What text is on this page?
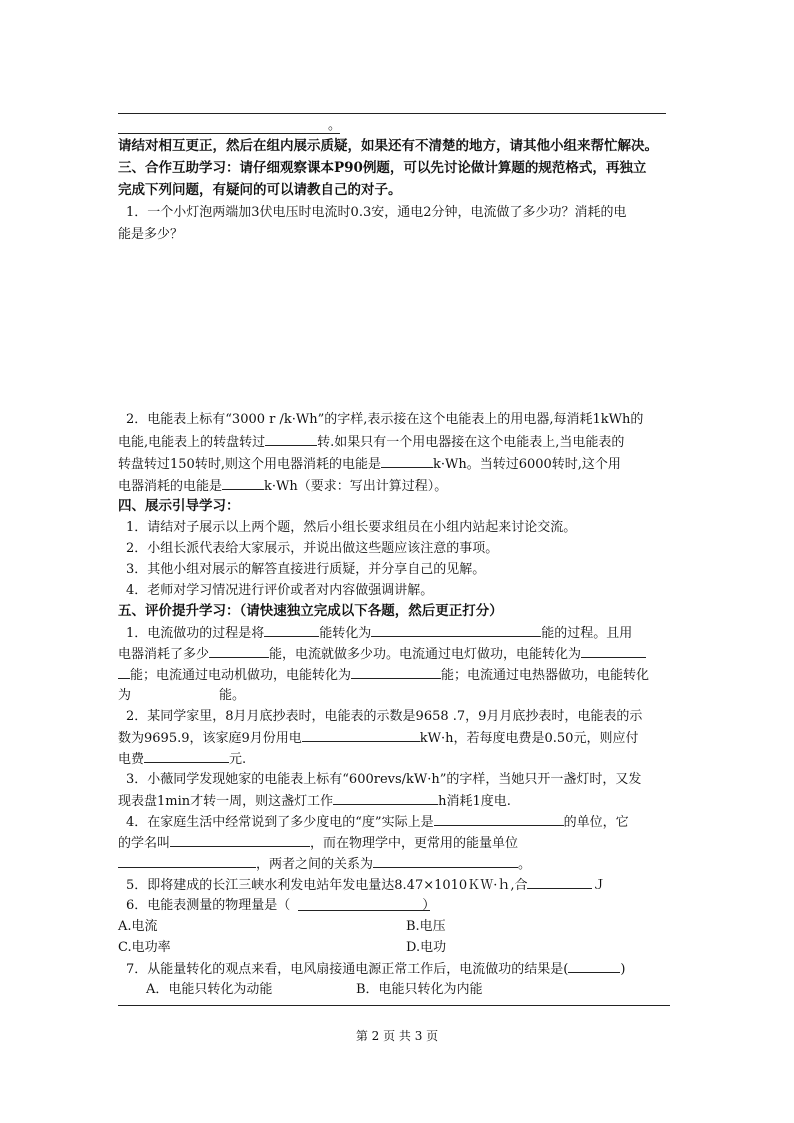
。
请结对相互更正，然后在组内展示质疑，如果还有不清楚的地方，请其他小组来帮忙解决。
三、合作互助学习：请仔细观察课本P90例题，可以先讨论做计算题的规范格式，再独立
完成下列问题，有疑问的可以请教自己的对子。
1．一个小灯泡两端加3伏电压时电流时0.3安，通电2分钟，电流做了多少功？消耗的电
能是多少？
2．电能表上标有“3000 r /k·Wh”的字样,表示接在这个电能表上的用电器,每消耗1kWh的
电能,电能表上的转盘转过	转.如果只有一个用电器接在这个电能表上,当电能表的
转盘转过150转时,则这个用电器消耗的电能是	k·Wh。当转过6000转时,这个用
电器消耗的电能是	k·Wh（要求：写出计算过程）。
四、展示引导学习：
1．请结对子展示以上两个题，然后小组长要求组员在小组内站起来讨论交流。
2．小组长派代表给大家展示，并说出做这些题应该注意的事项。
3．其他小组对展示的解答直接进行质疑，并分享自己的见解。
4．老师对学习情况进行评价或者对内容做强调讲解。
五、评价提升学习：（请快速独立完成以下各题，然后更正打分）
1．电流做功的过程是将	能转化为	能的过程。且用
电器消耗了多少	能，电流就做多少功。电流通过电灯做功，电能转化为
能；电流通过电动机做功，电能转化为	能；电流通过电热器做功，电能转化
为	能。
2．某同学家里，8月月底抄表时，电能表的示数是9658 .7，9月月底抄表时，电能表的示
数为9695.9，该家庭9月份用电	kW·h，若每度电费是0.50元，则应付
电费	元.
3．小薇同学发现她家的电能表上标有“600revs/kW·h”的字样，当她只开一盏灯时，又发
现表盘1min才转一周，则这盏灯工作	h消耗1度电.
4．在家庭生活中经常说到了多少度电的“度”实际上是	的单位，它
的学名叫	，而在物理学中，更常用的能量单位
，两者之间的关系为	。
5．即将建成的长江三峡水利发电站年发电量达8.47×1010ＫＷ·ｈ,合	Ｊ
6．电能表测量的物理量是（	）
A.电流	B.电压
C.电功率	D.电功
7．从能量转化的观点来看，电风扇接通电源正常工作后，电流做功的结果是(	)
A．电能只转化为动能	B．电能只转化为内能
第 2 页 共 3 页
